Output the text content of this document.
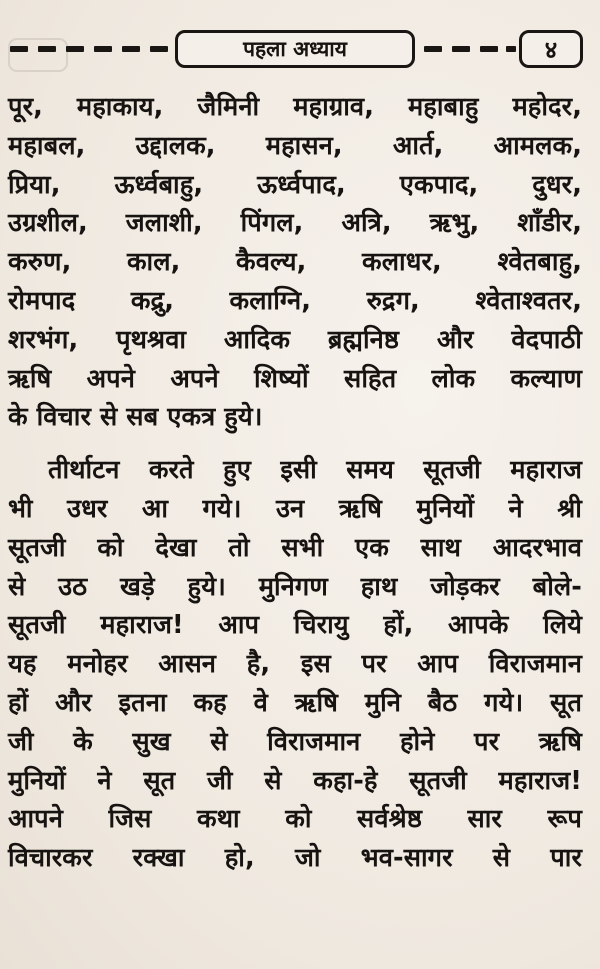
पहला अध्याय	४
पूर, महाकाय, जैमिनी महाग्राव, महाबाहु महोदर,
महाबल, उद्दालक, महासन, आर्त, आमलक,
प्रिया, ऊर्ध्वबाहु, ऊर्ध्वपाद, एकपाद, दुधर,
उग्रशील, जलाशी, पिंगल, अत्रि, ऋभु, शाँडीर,
करुण, काल, कैवल्य, कलाधर, श्वेतबाहु,
रोमपाद कद्रु, कलाग्नि, रुद्रग, श्वेताश्वतर,
शरभंग, पृथश्रवा आदिक ब्रह्मनिष्ठ और वेदपाठी
ऋषि अपने अपने शिष्यों सहित लोक कल्याण
के विचार से सब एकत्र हुये।
तीर्थाटन करते हुए इसी समय सूतजी महाराज
भी उधर आ गये। उन ऋषि मुनियों ने श्री
सूतजी को देखा तो सभी एक साथ आदरभाव
से उठ खड़े हुये। मुनिगण हाथ जोड़कर बोले-
सूतजी महाराज! आप चिरायु हों, आपके लिये
यह मनोहर आसन है, इस पर आप विराजमान
हों और इतना कह वे ऋषि मुनि बैठ गये। सूत
जी के सुख से विराजमान होने पर ऋषि
मुनियों ने सूत जी से कहा-हे सूतजी महाराज!
आपने जिस कथा को सर्वश्रेष्ठ सार रूप
विचारकर रक्खा हो, जो भव-सागर से पार
